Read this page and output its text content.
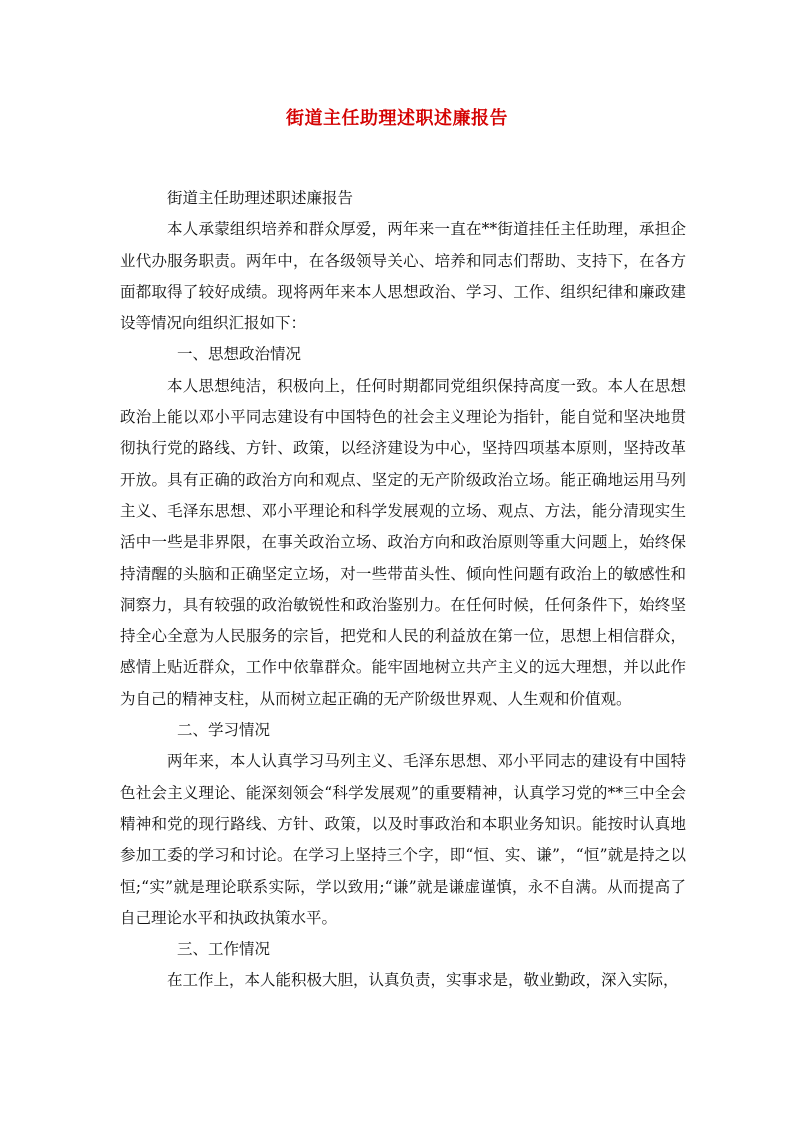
街道主任助理述职述廉报告

街道主任助理述职述廉报告

本人承蒙组织培养和群众厚爱，两年来一直在**街道挂任主任助理，承担企业代办服务职责。两年中，在各级领导关心、培养和同志们帮助、支持下，在各方面都取得了较好成绩。现将两年来本人思想政治、学习、工作、组织纪律和廉政建设等情况向组织汇报如下：

一、思想政治情况

本人思想纯洁，积极向上，任何时期都同党组织保持高度一致。本人在思想政治上能以邓小平同志建设有中国特色的社会主义理论为指针，能自觉和坚决地贯彻执行党的路线、方针、政策，以经济建设为中心，坚持四项基本原则，坚持改革开放。具有正确的政治方向和观点、坚定的无产阶级政治立场。能正确地运用马列主义、毛泽东思想、邓小平理论和科学发展观的立场、观点、方法，能分清现实生活中一些是非界限，在事关政治立场、政治方向和政治原则等重大问题上，始终保持清醒的头脑和正确坚定立场，对一些带苗头性、倾向性问题有政治上的敏感性和洞察力，具有较强的政治敏锐性和政治鉴别力。在任何时候，任何条件下，始终坚持全心全意为人民服务的宗旨，把党和人民的利益放在第一位，思想上相信群众，感情上贴近群众，工作中依靠群众。能牢固地树立共产主义的远大理想，并以此作为自己的精神支柱，从而树立起正确的无产阶级世界观、人生观和价值观。

二、学习情况

两年来，本人认真学习马列主义、毛泽东思想、邓小平同志的建设有中国特色社会主义理论、能深刻领会“科学发展观”的重要精神，认真学习党的**三中全会精神和党的现行路线、方针、政策，以及时事政治和本职业务知识。能按时认真地参加工委的学习和讨论。在学习上坚持三个字，即“恒、实、谦”，“恒”就是持之以恒;“实”就是理论联系实际，学以致用;“谦”就是谦虚谨慎，永不自满。从而提高了自己理论水平和执政执策水平。

三、工作情况

在工作上，本人能积极大胆，认真负责，实事求是，敬业勤政，深入实际，
